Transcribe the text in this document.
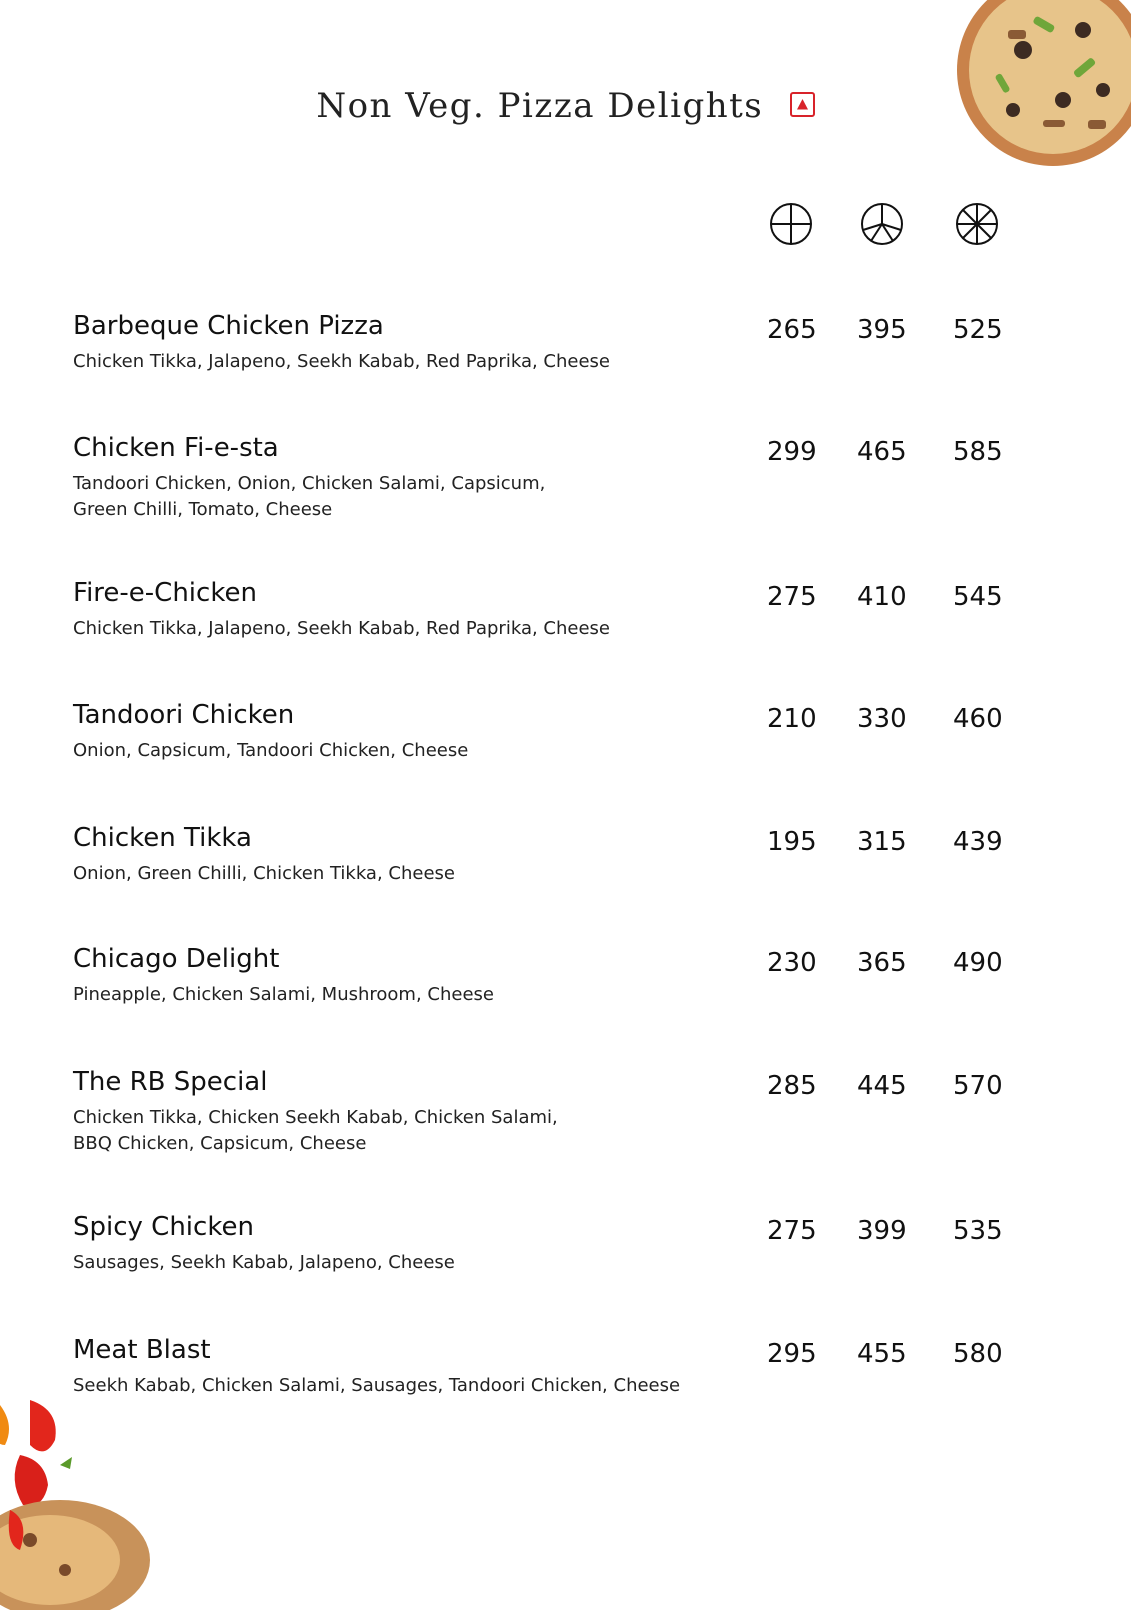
Non Veg. Pizza Delights

Barbeque Chicken Pizza

Chicken Tikka, Jalapeno, Seekh Kabab, Red Paprika, Cheese

265 395 525

Chicken Fi-e-sta

Tandoori Chicken, Onion, Chicken Salami, Capsicum, Green Chilli, Tomato, Cheese

299 465 585

Fire-e-Chicken

Chicken Tikka, Jalapeno, Seekh Kabab, Red Paprika, Cheese

275 410 545

Tandoori Chicken

Onion, Capsicum, Tandoori Chicken, Cheese

210 330 460

Chicken Tikka

Onion, Green Chilli, Chicken Tikka, Cheese

195 315 439

Chicago Delight

Pineapple, Chicken Salami, Mushroom, Cheese

230 365 490

The RB Special

Chicken Tikka, Chicken Seekh Kabab, Chicken Salami, BBQ Chicken, Capsicum, Cheese

285 445 570

Spicy Chicken

Sausages, Seekh Kabab, Jalapeno, Cheese

275 399 535

Meat Blast

Seekh Kabab, Chicken Salami, Sausages, Tandoori Chicken, Cheese

295 455 580
